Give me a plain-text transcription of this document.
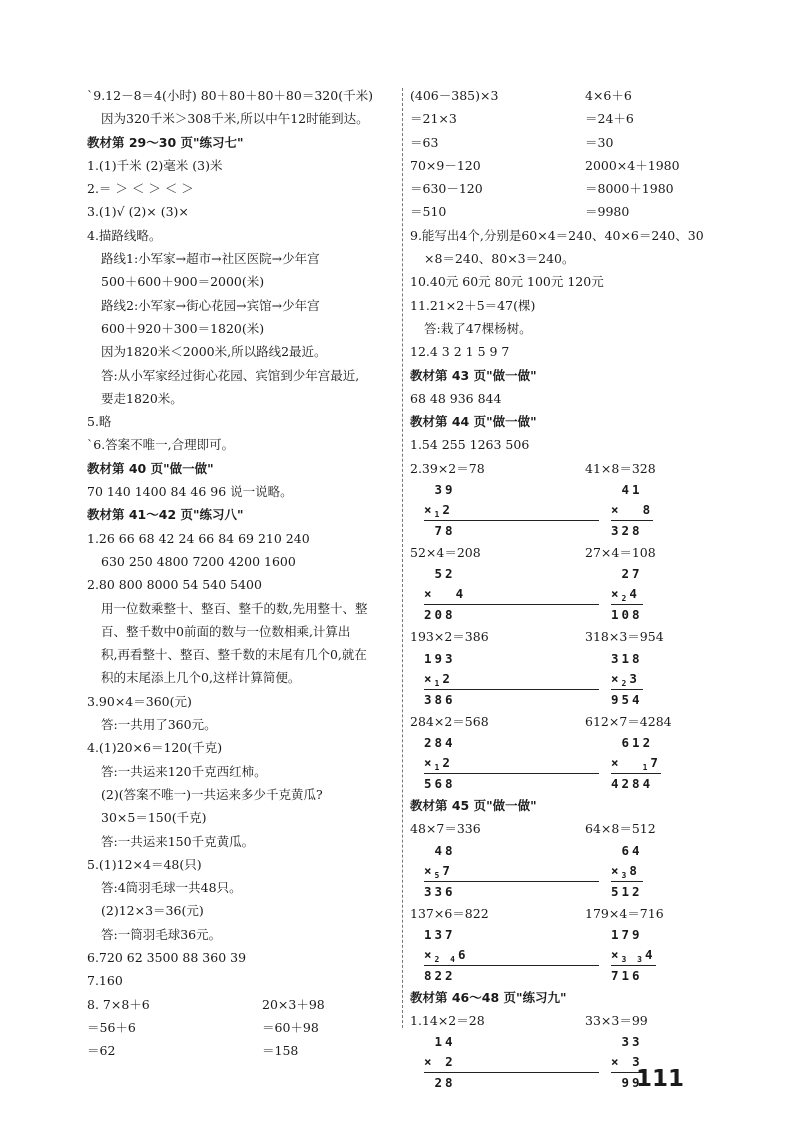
`9.12－8＝4(小时) 80＋80＋80＋80＝320(千米)
因为320千米＞308千米,所以中午12时能到达。
教材第 29～30 页"练习七"
1.(1)千米 (2)毫米 (3)米
2.＝ ＞ ＜ ＞ ＜ ＞
3.(1)√ (2)× (3)×
4.描路线略。
路线1:小军家→超市→社区医院→少年宫
500＋600＋900＝2000(米)
路线2:小军家→街心花园→宾馆→少年宫
600＋920＋300＝1820(米)
因为1820米＜2000米,所以路线2最近。
答:从小军家经过街心花园、宾馆到少年宫最近,
要走1820米。
5.略
`6.答案不唯一,合理即可。
教材第 40 页"做一做"
70 140 1400 84 46 96 说一说略。
教材第 41～42 页"练习八"
1.26 66 68 42 24 66 84 69 210 240
630 250 4800 7200 4200 1600
2.80 800 8000 54 540 5400
用一位数乘整十、整百、整千的数,先用整十、整
百、整千数中0前面的数与一位数相乘,计算出
积,再看整十、整百、整千数的末尾有几个0,就在
积的末尾添上几个0,这样计算简便。
3.90×4＝360(元)
答:一共用了360元。
4.(1)20×6＝120(千克)
答:一共运来120千克西红柿。
(2)(答案不唯一)一共运来多少千克黄瓜?
30×5＝150(千克)
答:一共运来150千克黄瓜。
5.(1)12×4＝48(只)
答:4筒羽毛球一共48只。
(2)12×3＝36(元)
答:一筒羽毛球36元。
6.720 62 3500 88 360 39
7.160
8. 7×8＋6	20×3＋98
＝56＋6	＝60＋98
＝62	＝158
(406－385)×3	4×6＋6
＝21×3	＝24＋6
＝63	＝30
70×9－120	2000×4＋1980
＝630－120	＝8000＋1980
＝510	＝9980
9.能写出4个,分别是60×4＝240、40×6＝240、30
×8＝240、80×3＝240。
10.40元 60元 80元 100元 120元
11.21×2＋5＝47(棵)
答:栽了47棵杨树。
12.4 3 2 1 5 9 7
教材第 43 页"做一做"
68 48 936 844
教材第 44 页"做一做"
1.54 255 1263 506
2.39×2＝78	41×8＝328
39
$\times_12$
78
41
× 8
328
52×4＝208	27×4＝108
52
× 4
208
27
$\times_24$
108
193×2＝386	318×3＝954
193
$\times_12$
386
318
$\times_23$
954
284×2＝568	612×7＝4284
284
$\times_12$
568
612
×	$_1$7
4284
教材第 45 页"做一做"
48×7＝336	64×8＝512
48
$\times_57$
336
64
$\times_38$
512
137×6＝822	179×4＝716
137
$\times_{2 4}6$
822
179
$\times_{3 3}4$
716
教材第 46～48 页"练习九"
1.14×2＝28	33×3＝99
14
× 2
28
33
× 3
99
111
